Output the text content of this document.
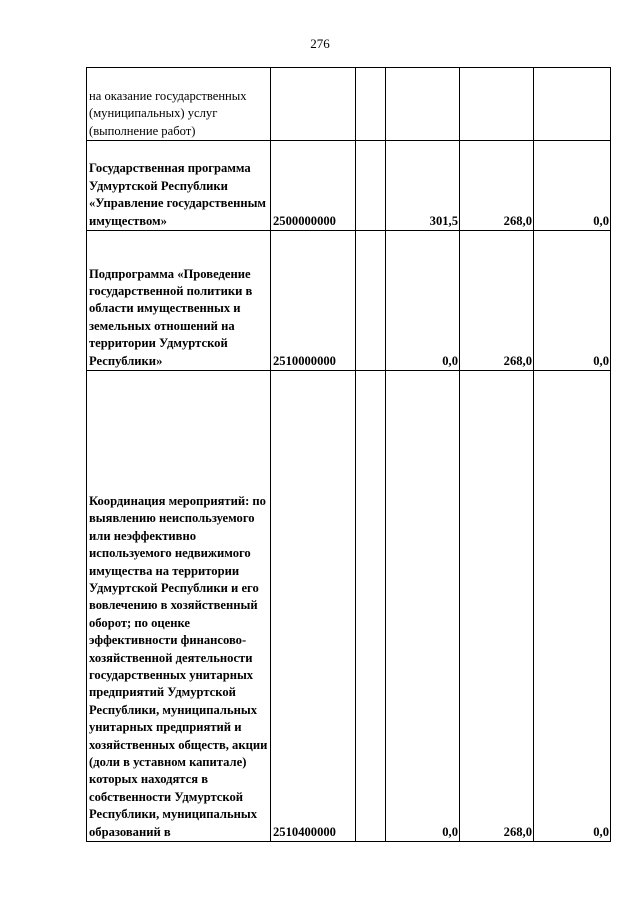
276
на оказание государственных (муниципальных) услуг (выполнение работ)					

Государственная программа Удмуртской Республики «Управление государственным имуществом»	2500000000		301,5	268,0	0,0

Подпрограмма «Проведение государственной политики в области имущественных и земельных отношений на территории Удмуртской Республики»	2510000000		0,0	268,0	0,0

Координация мероприятий: по выявлению неиспользуемого или неэффективно используемого недвижимого имущества на территории Удмуртской Республики и его вовлечению в хозяйственный оборот; по оценке эффективности финансово-хозяйственной деятельности государственных унитарных предприятий Удмуртской Республики, муниципальных унитарных предприятий и хозяйственных обществ, акции (доли в уставном капитале) которых находятся в собственности Удмуртской Республики, муниципальных образований в	2510400000		0,0	268,0	0,0
